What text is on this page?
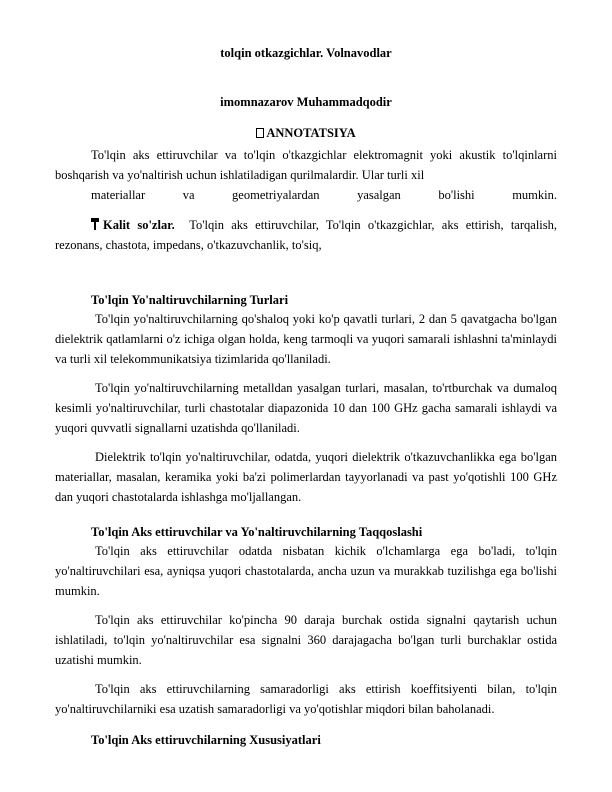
tolqin otkazgichlar. Volnavodlar
imomnazarov Muhammadqodir
ANNOTATSIYA
To'lqin aks ettiruvchilar va to'lqin o'tkazgichlar elektromagnit yoki akustik to'lqinlarni boshqarish va yo'naltirish uchun ishlatiladigan qurilmalardir. Ular turli xil
materiallar	va	geometriyalardan	yasalgan	bo'lishi	mumkin.
Kalit so'zlar. To'lqin aks ettiruvchilar, To'lqin o'tkazgichlar, aks ettirish, tarqalish, rezonans, chastota, impedans, o'tkazuvchanlik, to'siq,
To'lqin Yo'naltiruvchilarning Turlari
To'lqin yo'naltiruvchilarning qo'shaloq yoki ko'p qavatli turlari, 2 dan 5 qavatgacha bo'lgan dielektrik qatlamlarni o'z ichiga olgan holda, keng tarmoqli va yuqori samarali ishlashni ta'minlaydi va turli xil telekommunikatsiya tizimlarida qo'llaniladi.
To'lqin yo'naltiruvchilarning metalldan yasalgan turlari, masalan, to'rtburchak va dumaloq kesimli yo'naltiruvchilar, turli chastotalar diapazonida 10 dan 100 GHz gacha samarali ishlaydi va yuqori quvvatli signallarni uzatishda qo'llaniladi.
Dielektrik to'lqin yo'naltiruvchilar, odatda, yuqori dielektrik o'tkazuvchanlikka ega bo'lgan materiallar, masalan, keramika yoki ba'zi polimerlardan tayyorlanadi va past yo'qotishli 100 GHz dan yuqori chastotalarda ishlashga mo'ljallangan.
To'lqin Aks ettiruvchilar va Yo'naltiruvchilarning Taqqoslashi
To'lqin aks ettiruvchilar odatda nisbatan kichik o'lchamlarga ega bo'ladi, to'lqin yo'naltiruvchilari esa, ayniqsa yuqori chastotalarda, ancha uzun va murakkab tuzilishga ega bo'lishi mumkin.
To'lqin aks ettiruvchilar ko'pincha 90 daraja burchak ostida signalni qaytarish uchun ishlatiladi, to'lqin yo'naltiruvchilar esa signalni 360 darajagacha bo'lgan turli burchaklar ostida uzatishi mumkin.
To'lqin aks ettiruvchilarning samaradorligi aks ettirish koeffitsiyenti bilan, to'lqin yo'naltiruvchilarniki esa uzatish samaradorligi va yo'qotishlar miqdori bilan baholanadi.
To'lqin Aks ettiruvchilarning Xususiyatlari
